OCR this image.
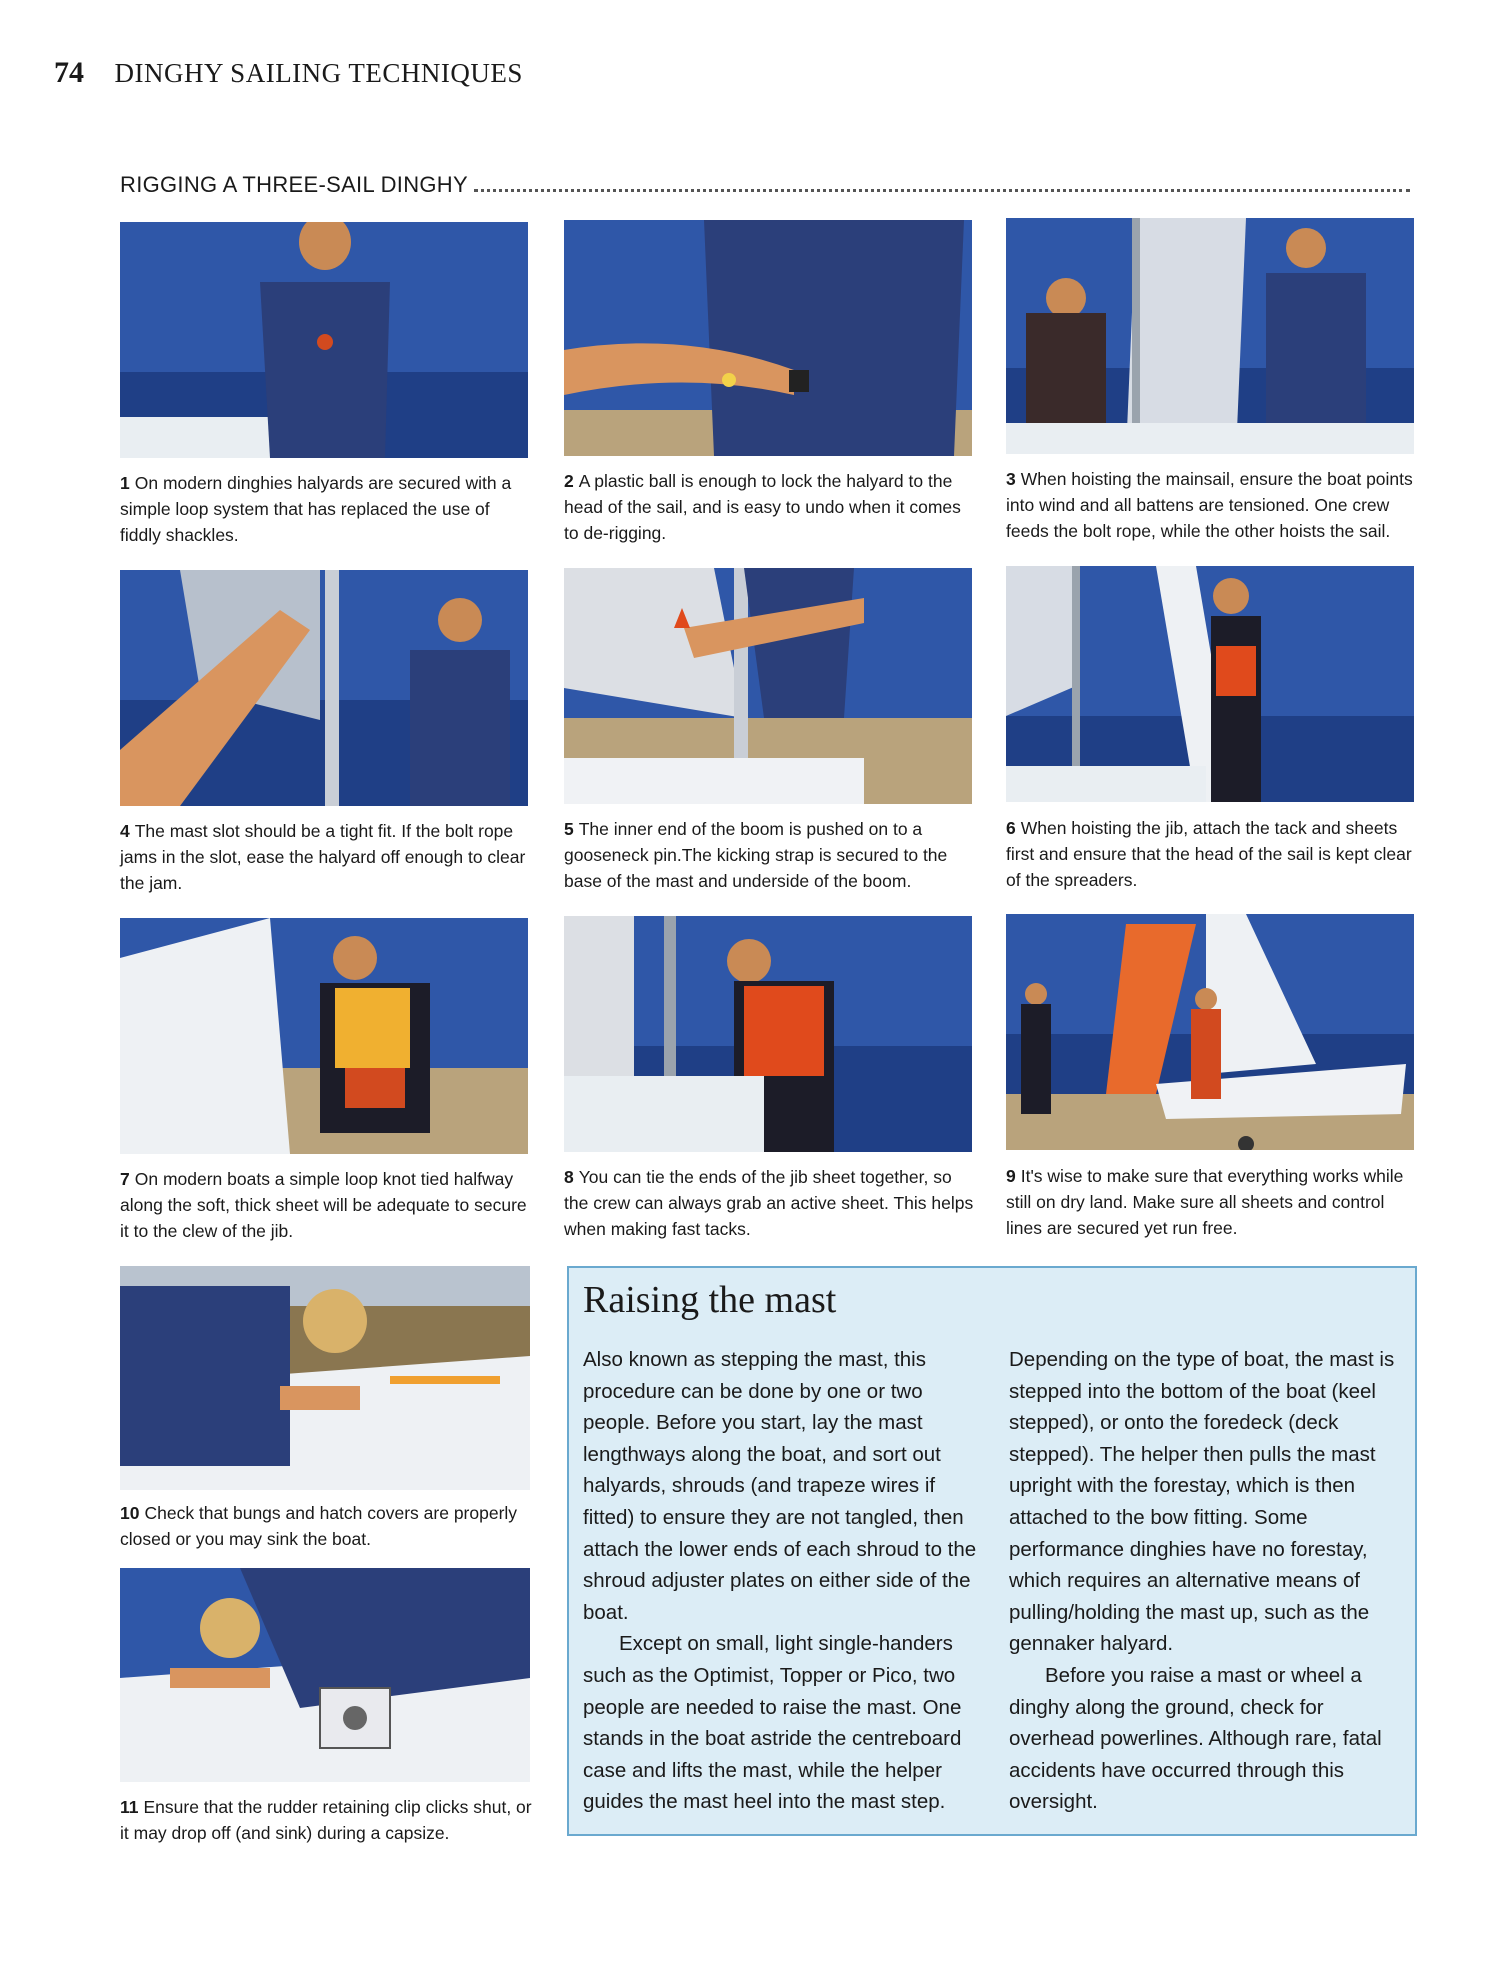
74 DINGHY SAILING TECHNIQUES
RIGGING A THREE-SAIL DINGHY
1 On modern dinghies halyards are secured with a simple loop system that has replaced the use of fiddly shackles.
2 A plastic ball is enough to lock the halyard to the head of the sail, and is easy to undo when it comes to de-rigging.
3 When hoisting the mainsail, ensure the boat points into wind and all battens are tensioned. One crew feeds the bolt rope, while the other hoists the sail.
4 The mast slot should be a tight fit. If the bolt rope jams in the slot, ease the halyard off enough to clear the jam.
5 The inner end of the boom is pushed on to a gooseneck pin.The kicking strap is secured to the base of the mast and underside of the boom.
6 When hoisting the jib, attach the tack and sheets first and ensure that the head of the sail is kept clear of the spreaders.
7 On modern boats a simple loop knot tied halfway along the soft, thick sheet will be adequate to secure it to the clew of the jib.
8 You can tie the ends of the jib sheet together, so the crew can always grab an active sheet. This helps when making fast tacks.
9 It's wise to make sure that everything works while still on dry land. Make sure all sheets and control lines are secured yet run free.
10 Check that bungs and hatch covers are properly closed or you may sink the boat.
11 Ensure that the rudder retaining clip clicks shut, or it may drop off (and sink) during a capsize.
Raising the mast

Also known as stepping the mast, this procedure can be done by one or two people. Before you start, lay the mast lengthways along the boat, and sort out halyards, shrouds (and trapeze wires if fitted) to ensure they are not tangled, then attach the lower ends of each shroud to the shroud adjuster plates on either side of the boat.

Except on small, light single-handers such as the Optimist, Topper or Pico, two people are needed to raise the mast. One stands in the boat astride the centreboard case and lifts the mast, while the helper guides the mast heel into the mast step.

Depending on the type of boat, the mast is stepped into the bottom of the boat (keel stepped), or onto the foredeck (deck stepped). The helper then pulls the mast upright with the forestay, which is then attached to the bow fitting. Some performance dinghies have no forestay, which requires an alternative means of pulling/holding the mast up, such as the gennaker halyard.

Before you raise a mast or wheel a dinghy along the ground, check for overhead powerlines. Although rare, fatal accidents have occurred through this oversight.
